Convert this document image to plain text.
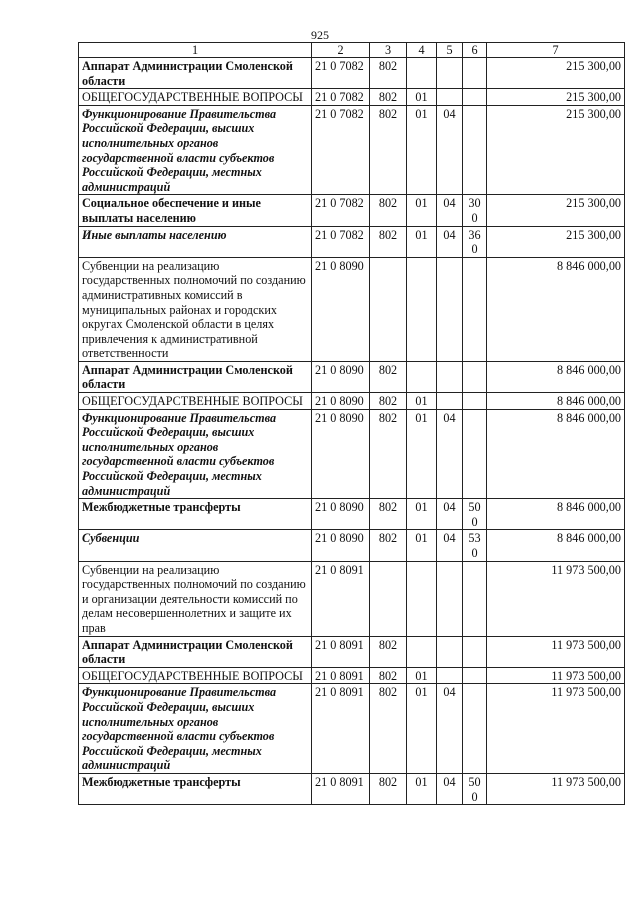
925
1	2	3	4	5	6	7
Аппарат Администрации Смоленской области	21 0 7082	802				215 300,00
ОБЩЕГОСУДАРСТВЕННЫЕ ВОПРОСЫ	21 0 7082	802	01			215 300,00
Функционирование Правительства Российской Федерации, высших исполнительных органов государственной власти субъектов Российской Федерации, местных администраций	21 0 7082	802	01	04		215 300,00
Социальное обеспечение и иные выплаты населению	21 0 7082	802	01	04	300	215 300,00
Иные выплаты населению	21 0 7082	802	01	04	360	215 300,00
Субвенции на реализацию государственных полномочий по созданию административных комиссий в муниципальных районах и городских округах Смоленской области в целях привлечения к административной ответственности	21 0 8090					8 846 000,00
Аппарат Администрации Смоленской области	21 0 8090	802				8 846 000,00
ОБЩЕГОСУДАРСТВЕННЫЕ ВОПРОСЫ	21 0 8090	802	01			8 846 000,00
Функционирование Правительства Российской Федерации, высших исполнительных органов государственной власти субъектов Российской Федерации, местных администраций	21 0 8090	802	01	04		8 846 000,00
Межбюджетные трансферты	21 0 8090	802	01	04	500	8 846 000,00
Субвенции	21 0 8090	802	01	04	530	8 846 000,00
Субвенции на реализацию государственных полномочий по созданию и организации деятельности комиссий по делам несовершеннолетних и защите их прав	21 0 8091					11 973 500,00
Аппарат Администрации Смоленской области	21 0 8091	802				11 973 500,00
ОБЩЕГОСУДАРСТВЕННЫЕ ВОПРОСЫ	21 0 8091	802	01			11 973 500,00
Функционирование Правительства Российской Федерации, высших исполнительных органов государственной власти субъектов Российской Федерации, местных администраций	21 0 8091	802	01	04		11 973 500,00
Межбюджетные трансферты	21 0 8091	802	01	04	500	11 973 500,00
